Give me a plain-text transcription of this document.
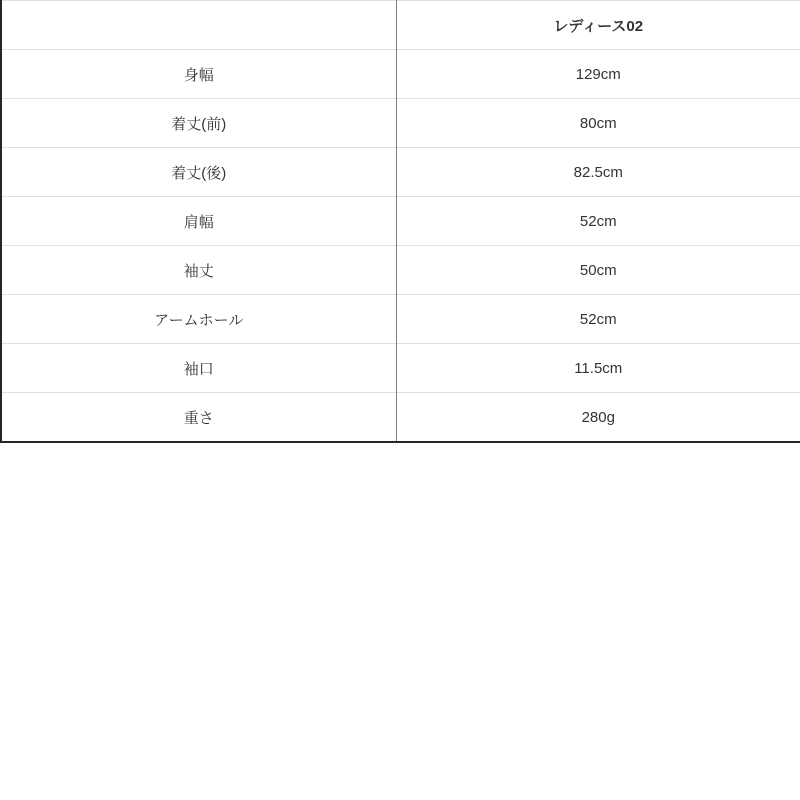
	レディース02
身幅	129cm
着丈(前)	80cm
着丈(後)	82.5cm
肩幅	52cm
袖丈	50cm
アームホール	52cm
袖口	11.5cm
重さ	280g
